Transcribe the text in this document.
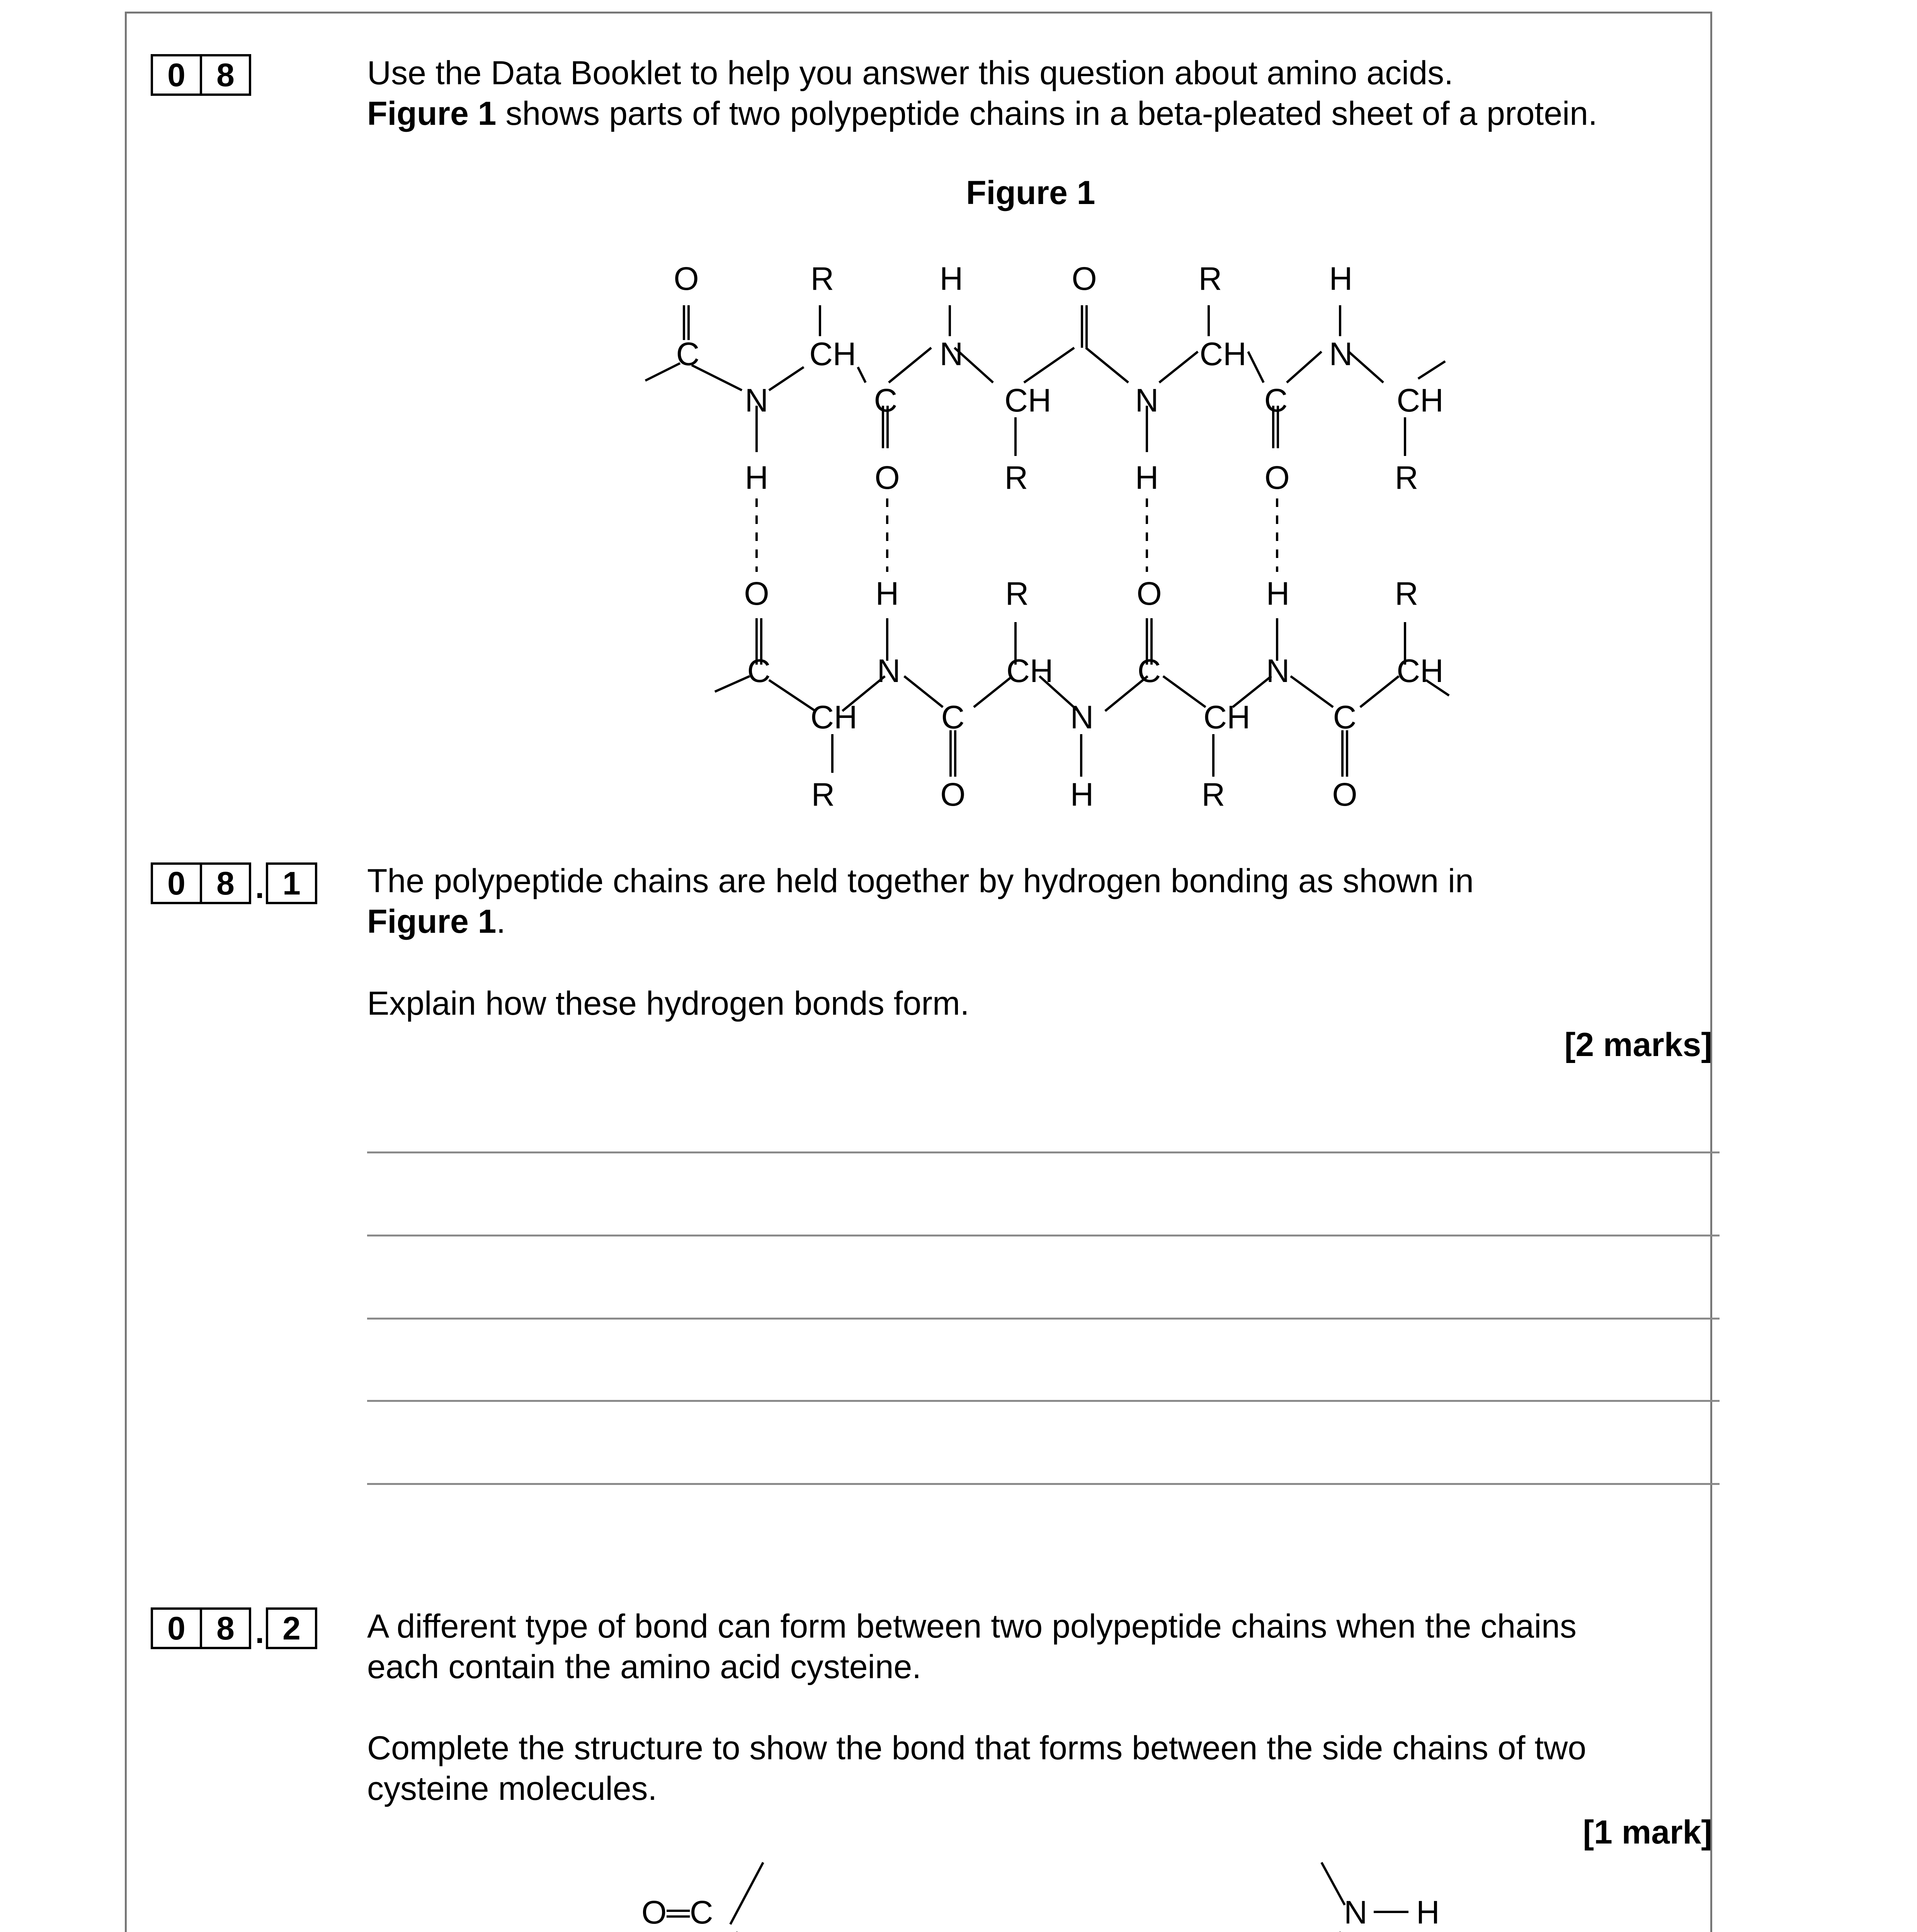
0 8	Use the Data Booklet to help you answer this question about amino acids.

Figure 1 shows parts of two polypeptide chains in a beta-pleated sheet of a protein.

Figure 1
O	R	H	O	R	H
C	CH	N	CH	N
N	C	CH	N	C	CH
H	O	R	H	O	R
O	H	R	O	H	R
C	N	CH	C	N	CH
CH	C	N	CH	C
R	O	H	R	O
0 8 . 1	The polypeptide chains are held together by hydrogen bonding as shown in

Figure 1.

Explain how these hydrogen bonds form.
[2 marks]
0 8 . 2	A different type of bond can form between two polypeptide chains when the chains

each contain the amino acid cysteine.

Complete the structure to show the bond that forms between the side chains of two

cysteine molecules.

[1 mark]
O═C	N H
